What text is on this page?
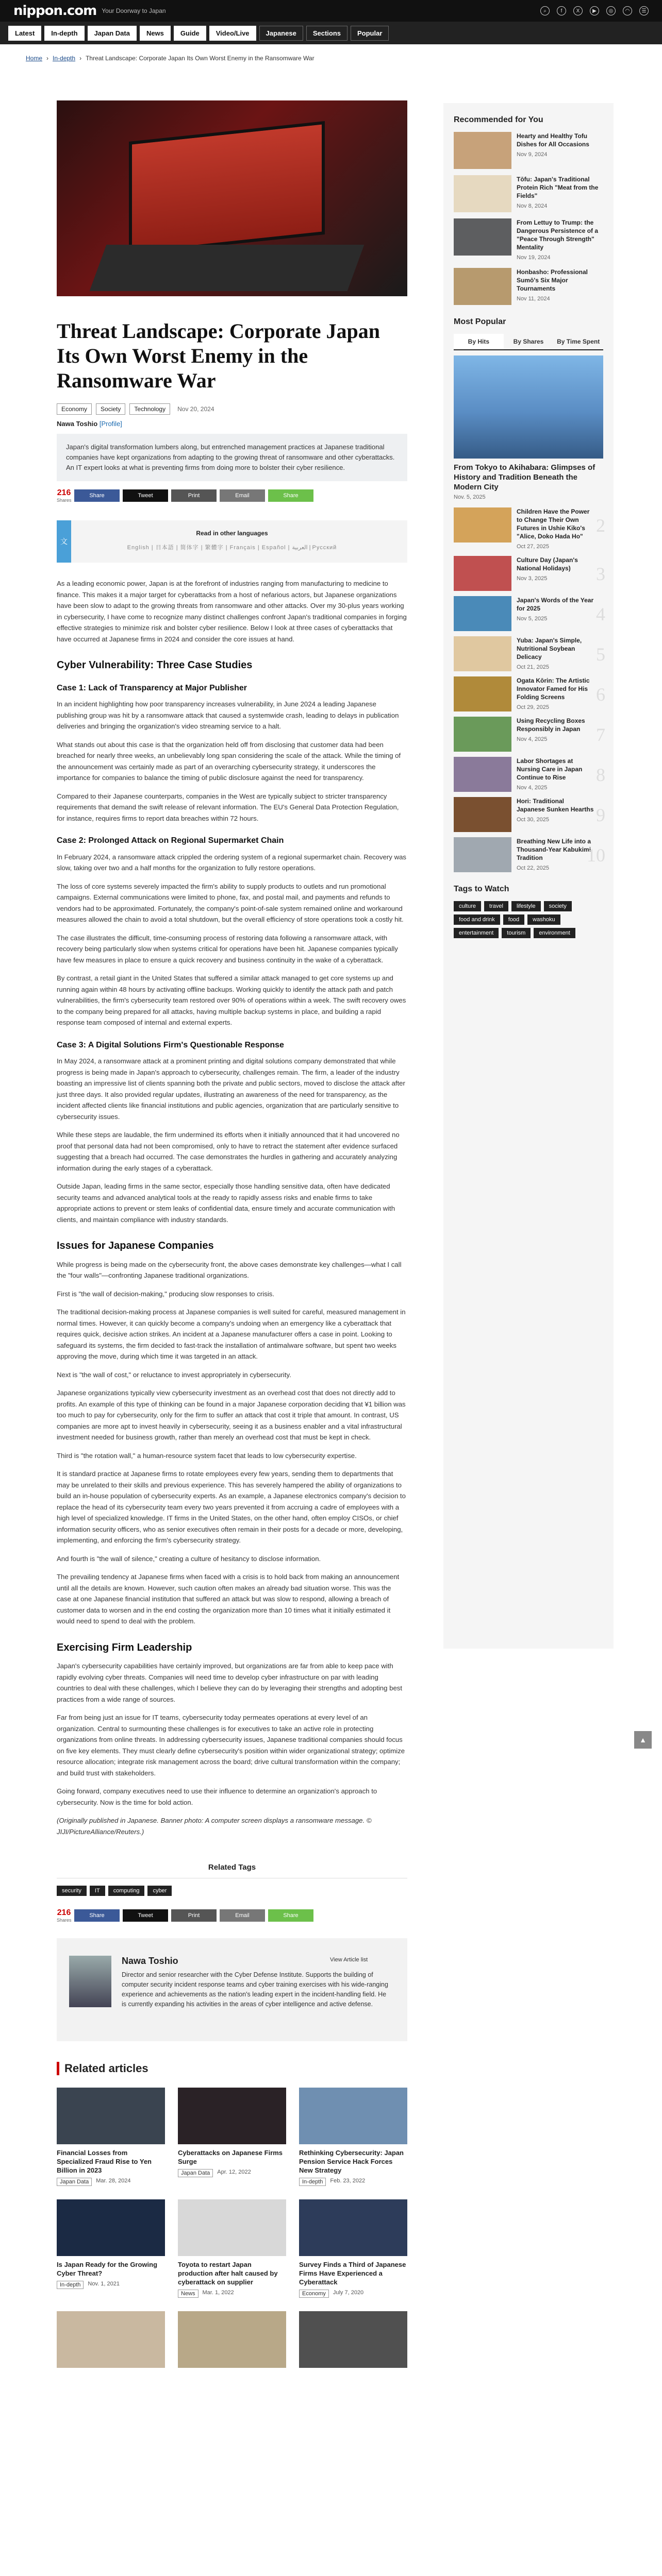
nippon.com Your Doorway to Japan	⌕	f	X	▶	◎	◠	☰
Latest	In-depth	Japan Data	News	Guide	Video/Live	Japanese	Sections	Popular
Home › In-depth › Threat Landscape: Corporate Japan Its Own Worst Enemy in the Ransomware War
Threat Landscape: Corporate Japan Its Own Worst Enemy in the Ransomware War
Economy	Society	Technology	Nov 20, 2024
Nawa Toshio [Profile]
Japan's digital transformation lumbers along, but entrenched management practices at Japanese traditional companies have kept organizations from adapting to the growing threat of ransomware and other cyberattacks. An IT expert looks at what is preventing firms from doing more to bolster their cyber resilience.
216
Shares
Share	Tweet	Print	Email	Share
文
Read in other languages
English | 日本語 | 简体字 | 繁體字 | Français | Español | العربية | Русский

As a leading economic power, Japan is at the forefront of industries ranging from manufacturing to medicine to finance. This makes it a major target for cyberattacks from a host of nefarious actors, but Japanese organizations have been slow to adapt to the growing threats from ransomware and other attacks. Over my 30-plus years working in cybersecurity, I have come to recognize many distinct challenges confront Japan's traditional companies in forging effective strategies to minimize risk and bolster cyber resilience. Below I look at three cases of cyberattacks that have occurred at Japanese firms in 2024 and consider the core issues at hand.

Cyber Vulnerability: Three Case Studies
Case 1: Lack of Transparency at Major Publisher

In an incident highlighting how poor transparency increases vulnerability, in June 2024 a leading Japanese publishing group was hit by a ransomware attack that caused a systemwide crash, leading to delays in publication deliveries and bringing the organization's video streaming service to a halt.

What stands out about this case is that the organization held off from disclosing that customer data had been breached for nearly three weeks, an unbelievably long span considering the scale of the attack. While the timing of the announcement was certainly made as part of an overarching cybersecurity strategy, it underscores the importance for companies to balance the timing of public disclosure against the need for transparency.

Compared to their Japanese counterparts, companies in the West are typically subject to stricter transparency requirements that demand the swift release of relevant information. The EU's General Data Protection Regulation, for instance, requires firms to report data breaches within 72 hours.

Case 2: Prolonged Attack on Regional Supermarket Chain

In February 2024, a ransomware attack crippled the ordering system of a regional supermarket chain. Recovery was slow, taking over two and a half months for the organization to fully restore operations.

The loss of core systems severely impacted the firm's ability to supply products to outlets and run promotional campaigns. External communications were limited to phone, fax, and postal mail, and payments and refunds to vendors had to be approximated. Fortunately, the company's point-of-sale system remained online and workaround measures allowed the chain to avoid a total shutdown, but the overall efficiency of store operations took a costly hit.

The case illustrates the difficult, time-consuming process of restoring data following a ransomware attack, with recovery being particularly slow when systems critical for operations have been hit. Japanese companies typically have few measures in place to ensure a quick recovery and business continuity in the wake of a cyberattack.

By contrast, a retail giant in the United States that suffered a similar attack managed to get core systems up and running again within 48 hours by activating offline backups. Working quickly to identify the attack path and patch vulnerabilities, the firm's cybersecurity team restored over 90% of operations within a week. The swift recovery owes to the company being prepared for all attacks, having multiple backup systems in place, and building a rapid response team composed of internal and external experts.

Case 3: A Digital Solutions Firm's Questionable Response

In May 2024, a ransomware attack at a prominent printing and digital solutions company demonstrated that while progress is being made in Japan's approach to cybersecurity, challenges remain. The firm, a leader of the industry boasting an impressive list of clients spanning both the private and public sectors, moved to disclose the attack after just three days. It also provided regular updates, illustrating an awareness of the need for transparency, as the incident affected clients like financial institutions and public agencies, organization that are particularly sensitive to cybersecurity issues.

While these steps are laudable, the firm undermined its efforts when it initially announced that it had uncovered no proof that personal data had not been compromised, only to have to retract the statement after evidence surfaced suggesting that a breach had occurred. The case demonstrates the hurdles in gathering and accurately analyzing information during the early stages of a cyberattack.

Outside Japan, leading firms in the same sector, especially those handling sensitive data, often have dedicated security teams and advanced analytical tools at the ready to rapidly assess risks and enable firms to take appropriate actions to prevent or stem leaks of confidential data, ensure timely and accurate communication with clients, and maintain compliance with industry standards.

Issues for Japanese Companies

While progress is being made on the cybersecurity front, the above cases demonstrate key challenges—what I call the "four walls"—confronting Japanese traditional organizations.

First is "the wall of decision-making," producing slow responses to crisis.

The traditional decision-making process at Japanese companies is well suited for careful, measured management in normal times. However, it can quickly become a company's undoing when an emergency like a cyberattack that requires quick, decisive action strikes. An incident at a Japanese manufacturer offers a case in point. Looking to safeguard its systems, the firm decided to fast-track the installation of antimalware software, but spent two weeks approving the move, during which time it was targeted in an attack.

Next is "the wall of cost," or reluctance to invest appropriately in cybersecurity.

Japanese organizations typically view cybersecurity investment as an overhead cost that does not directly add to profits. An example of this type of thinking can be found in a major Japanese corporation deciding that ¥1 billion was too much to pay for cybersecurity, only for the firm to suffer an attack that cost it triple that amount. In contrast, US companies are more apt to invest heavily in cybersecurity, seeing it as a business enabler and a vital infrastructural investment needed for business growth, rather than merely an overhead cost that must be kept in check.

Third is "the rotation wall," a human-resource system facet that leads to low cybersecurity expertise.

It is standard practice at Japanese firms to rotate employees every few years, sending them to departments that may be unrelated to their skills and previous experience. This has severely hampered the ability of organizations to build an in-house population of cybersecurity experts. As an example, a Japanese electronics company's decision to replace the head of its cybersecurity team every two years prevented it from accruing a cadre of employees with a high level of specialized knowledge. IT firms in the United States, on the other hand, often employ CISOs, or chief information security officers, who as senior executives often remain in their posts for a decade or more, developing, implementing, and enforcing the firm's cybersecurity strategy.

And fourth is "the wall of silence," creating a culture of hesitancy to disclose information.

The prevailing tendency at Japanese firms when faced with a crisis is to hold back from making an announcement until all the details are known. However, such caution often makes an already bad situation worse. This was the case at one Japanese financial institution that suffered an attack but was slow to respond, allowing a breach of customer data to worsen and in the end costing the organization more than 10 times what it initially estimated it would need to spend to deal with the problem.

Exercising Firm Leadership

Japan's cybersecurity capabilities have certainly improved, but organizations are far from able to keep pace with rapidly evolving cyber threats. Companies will need time to develop cyber infrastructure on par with leading countries to deal with these challenges, which I believe they can do by leveraging their strengths and adopting best practices from a wide range of sources.

Far from being just an issue for IT teams, cybersecurity today permeates operations at every level of an organization. Central to surmounting these challenges is for executives to take an active role in protecting organizations from online threats. In addressing cybersecurity issues, Japanese traditional companies should focus on five key elements. They must clearly define cybersecurity's position within wider organizational strategy; optimize resource allocation; integrate risk management across the board; drive cultural transformation within the company; and build trust with stakeholders.

Going forward, company executives need to use their influence to determine an organization's approach to cybersecurity. Now is the time for bold action.

(Originally published in Japanese. Banner photo: A computer screen displays a ransomware message. © JIJI/PictureAlliance/Reuters.)

Related Tags
security	IT	computing	cyber
216
Shares
Share	Tweet	Print	Email	Share
Nawa Toshio	View Article list
Director and senior researcher with the Cyber Defense Institute. Supports the building of computer security incident response teams and cyber training exercises with his wide-ranging experience and achievements as the nation's leading expert in the incident-handling field. He is currently expanding his activities in the areas of cyber intelligence and active defense.
Related articles
Financial Losses from Specialized Fraud Rise to Yen Billion in 2023
Japan Data	Mar. 28, 2024
Cyberattacks on Japanese Firms Surge
Japan Data	Apr. 12, 2022
Rethinking Cybersecurity: Japan Pension Service Hack Forces New Strategy
In-depth	Feb. 23, 2022
Is Japan Ready for the Growing Cyber Threat?
In-depth	Nov. 1, 2021
Toyota to restart Japan production after halt caused by cyberattack on supplier
News	Mar. 1, 2022
Survey Finds a Third of Japanese Firms Have Experienced a Cyberattack
Economy	July 7, 2020
Recommended for You
Hearty and Healthy Tofu Dishes for All Occasions
Nov 9, 2024
Tōfu: Japan's Traditional Protein Rich "Meat from the Fields"
Nov 8, 2024
From Lettuy to Trump: the Dangerous Persistence of a "Peace Through Strength" Mentality
Nov 19, 2024
Honbasho: Professional Sumō's Six Major Tournaments
Nov 11, 2024
Most Popular
By Hits	By Shares	By Time Spent
From Tokyo to Akihabara: Glimpses of History and Tradition Beneath the Modern City
Nov. 5, 2025
Children Have the Power to Change Their Own Futures in Ushie Kiko's "Alice, Doko Hada Ho"
Oct 27, 2025
2
Culture Day (Japan's National Holidays)
Nov 3, 2025	3
Japan's Words of the Year for 2025
Nov 5, 2025	4
Yuba: Japan's Simple, Nutritional Soybean Delicacy
Oct 21, 2025
5
Ogata Kōrin: The Artistic Innovator Famed for His Folding Screens
Oct 29, 2025
6
Using Recycling Boxes Responsibly in Japan
Nov 4, 2025	7
Labor Shortages at Nursing Care in Japan Continue to Rise
Nov 4, 2025
8
Hori: Traditional Japanese Sunken Hearths
Oct 30, 2025	9
Breathing New Life into a Thousand-Year Kabukimi Tradition
Oct 22, 2025
10
Tags to Watch
culture	travel	lifestyle	society
food and drink	food	washoku
entertainment	tourism	environment
▲
